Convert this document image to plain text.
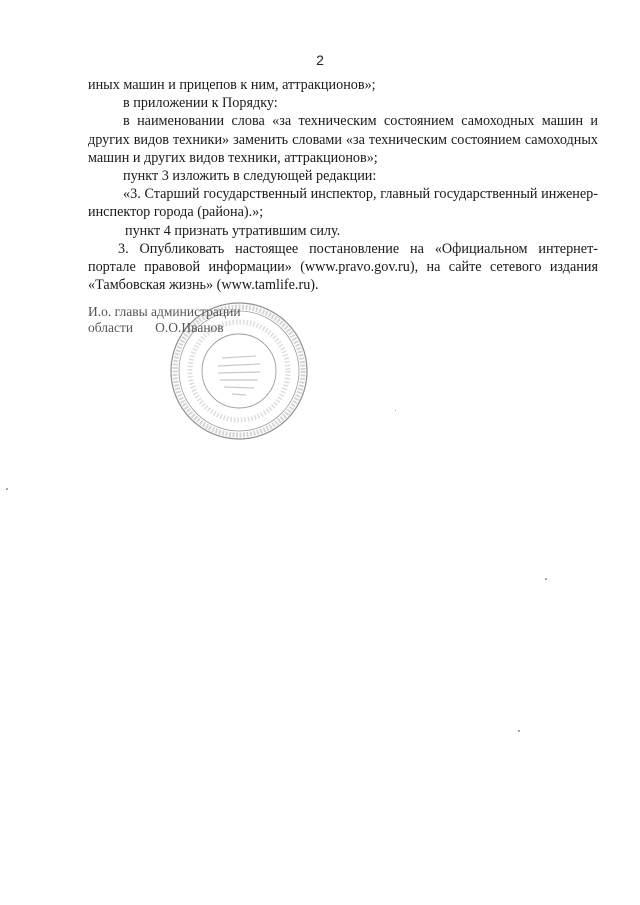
2

иных машин и прицепов к ним, аттракционов»;

в приложении к Порядку:

в наименовании слова «за техническим состоянием самоходных машин и других видов техники» заменить словами «за техническим состоянием самоходных машин и других видов техники, аттракционов»;

пункт 3 изложить в следующей редакции:

«3. Старший государственный инспектор, главный государственный инженер-инспектор города (района).»;

пункт 4 признать утратившим силу.

3. Опубликовать настоящее постановление на «Официальном интернет-портале правовой информации» (www.pravo.gov.ru), на сайте сетевого издания «Тамбовская жизнь» (www.tamlife.ru).

И.о. главы администрации
области О.О.Иванов
